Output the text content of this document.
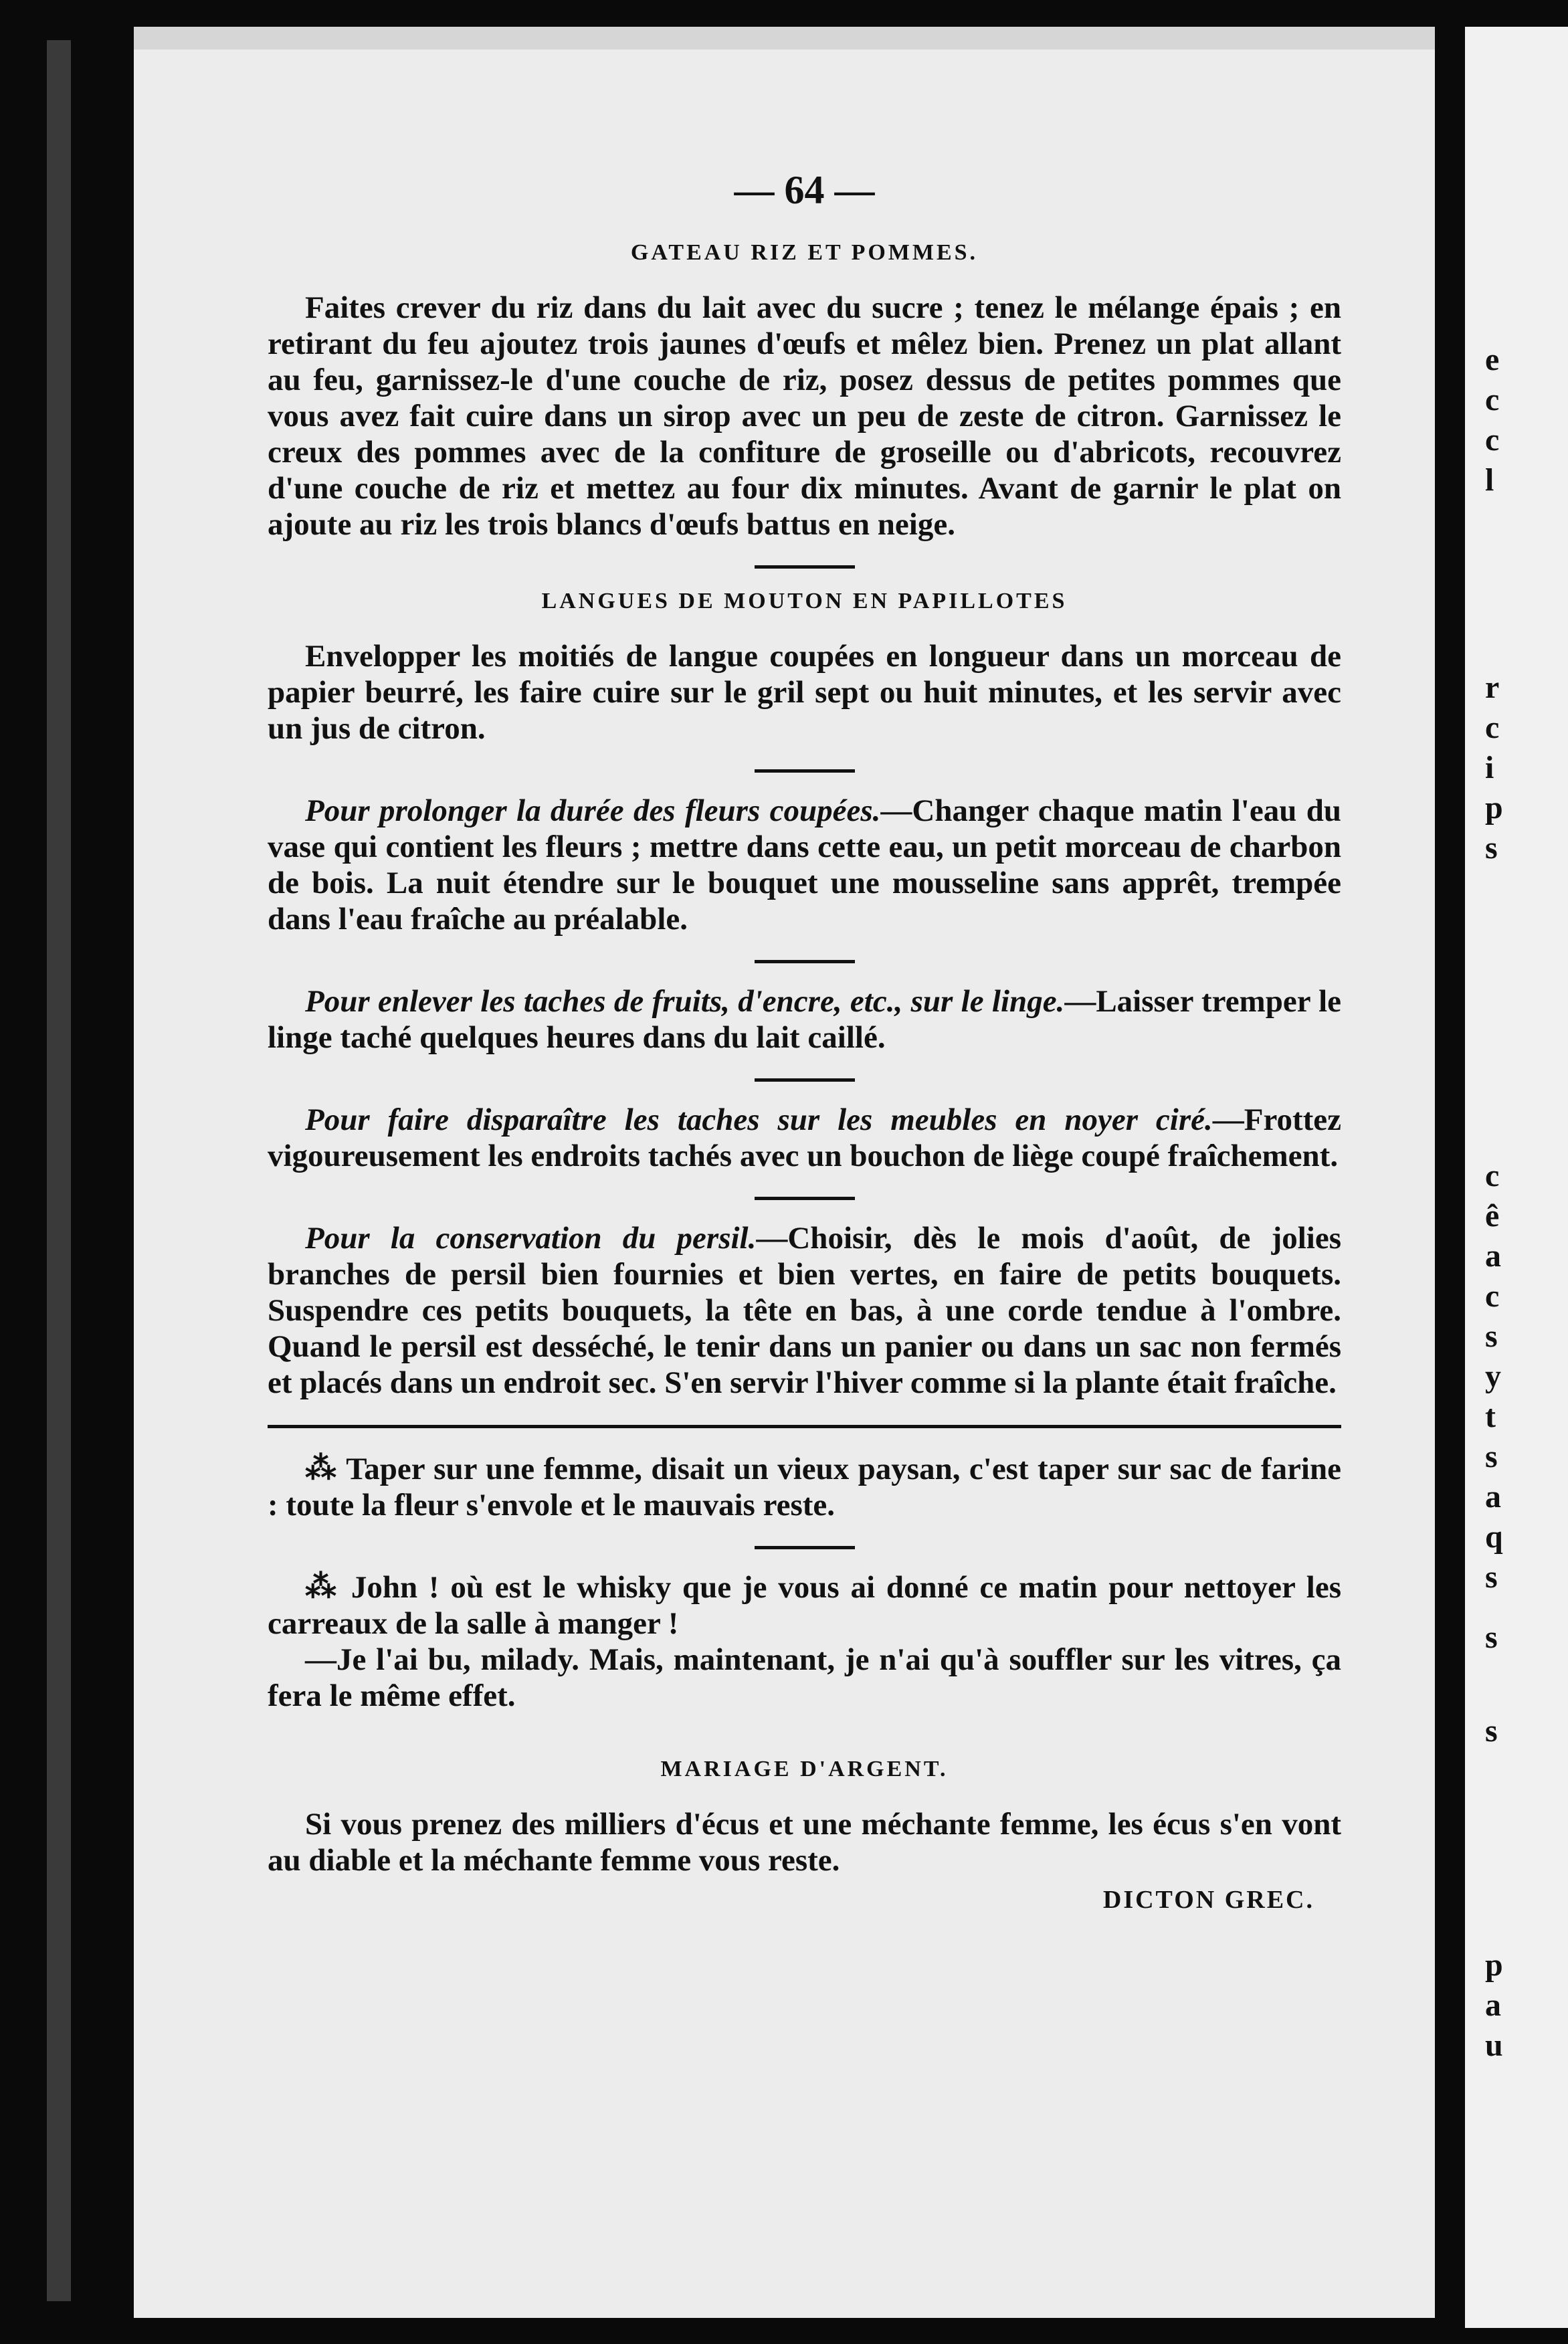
— 64 —
GATEAU RIZ ET POMMES.

Faites crever du riz dans du lait avec du sucre ; tenez le mélange épais ; en retirant du feu ajoutez trois jaunes d'œufs et mêlez bien. Prenez un plat allant au feu, garnissez-le d'une couche de riz, posez dessus de petites pommes que vous avez fait cuire dans un sirop avec un peu de zeste de citron. Garnissez le creux des pommes avec de la confiture de groseille ou d'abricots, recouvrez d'une couche de riz et mettez au four dix minutes. Avant de garnir le plat on ajoute au riz les trois blancs d'œufs battus en neige.

LANGUES DE MOUTON EN PAPILLOTES

Envelopper les moitiés de langue coupées en longueur dans un morceau de papier beurré, les faire cuire sur le gril sept ou huit minutes, et les servir avec un jus de citron.

Pour prolonger la durée des fleurs coupées.—Changer chaque matin l'eau du vase qui contient les fleurs ; mettre dans cette eau, un petit morceau de charbon de bois. La nuit étendre sur le bouquet une mousseline sans apprêt, trempée dans l'eau fraîche au préalable.

Pour enlever les taches de fruits, d'encre, etc., sur le linge.—Laisser tremper le linge taché quelques heures dans du lait caillé.

Pour faire disparaître les taches sur les meubles en noyer ciré.—Frottez vigoureusement les endroits tachés avec un bouchon de liège coupé fraîchement.

Pour la conservation du persil.—Choisir, dès le mois d'août, de jolies branches de persil bien fournies et bien vertes, en faire de petits bouquets. Suspendre ces petits bouquets, la tête en bas, à une corde tendue à l'ombre. Quand le persil est desséché, le tenir dans un panier ou dans un sac non fermés et placés dans un endroit sec. S'en servir l'hiver comme si la plante était fraîche.

⁂ Taper sur une femme, disait un vieux paysan, c'est taper sur sac de farine : toute la fleur s'envole et le mauvais reste.

⁂ John ! où est le whisky que je vous ai donné ce matin pour nettoyer les carreaux de la salle à manger !

—Je l'ai bu, milady. Mais, maintenant, je n'ai qu'à souffler sur les vitres, ça fera le même effet.

MARIAGE D'ARGENT.

Si vous prenez des milliers d'écus et une méchante femme, les écus s'en vont au diable et la méchante femme vous reste.

DICTON GREC.
e
c
c
l
r
c
i
p
s
c
ê
a
c
s
y
t
s
a
q
s
s
s
p
a
u
